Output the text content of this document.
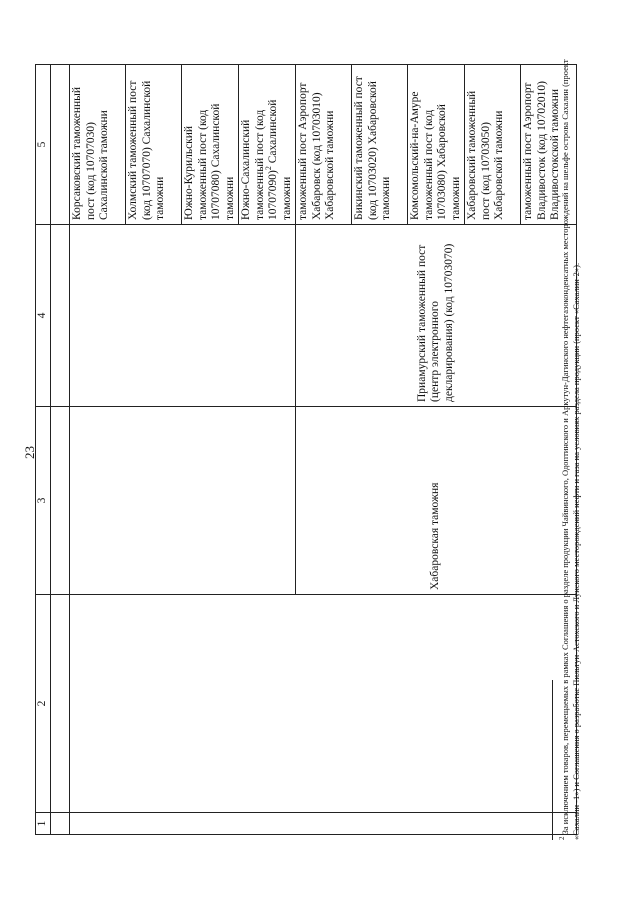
23
1	2	3	4	5

				Корсаковский таможенный пост (код 10707030) Сахалинской таможни
				Холмский таможенный пост (код 10707070) Сахалинской таможни
				Южно-Курильский таможенный пост (код 10707080) Сахалинской таможни
				Южно-Сахалинский таможенный пост (код 10707090)$^2$ Сахалинской таможни
		Хабаровская таможня	Приамурский таможенный пост (центр электронного декларирования) (код 10703070)	таможенный пост Аэропорт Хабаровск (код 10703010) Хабаровской таможни
				Бикинский таможенный пост (код 10703020) Хабаровской таможни
				Комсомольский-на-Амуре таможенный пост (код 10703080) Хабаровской таможни
				Хабаровский таможенный пост (код 10703050) Хабаровской таможни
				таможенный пост Аэропорт Владивосток (код 10702010) Владивостокской таможни
$^2$ За исключением товаров, перемещаемых в рамках Соглашения о разделе продукции Чайвинского, Одоптинского и Аркутун-Дагинского нефтегазоконденсатных месторождений на шельфе острова Сахалин (проект «Сахалин -1») и Соглашения о разработке Пильтун-Астохского и Лунского месторождений нефти и газа на условиях раздела продукции (проект «Сахалин-2»).
